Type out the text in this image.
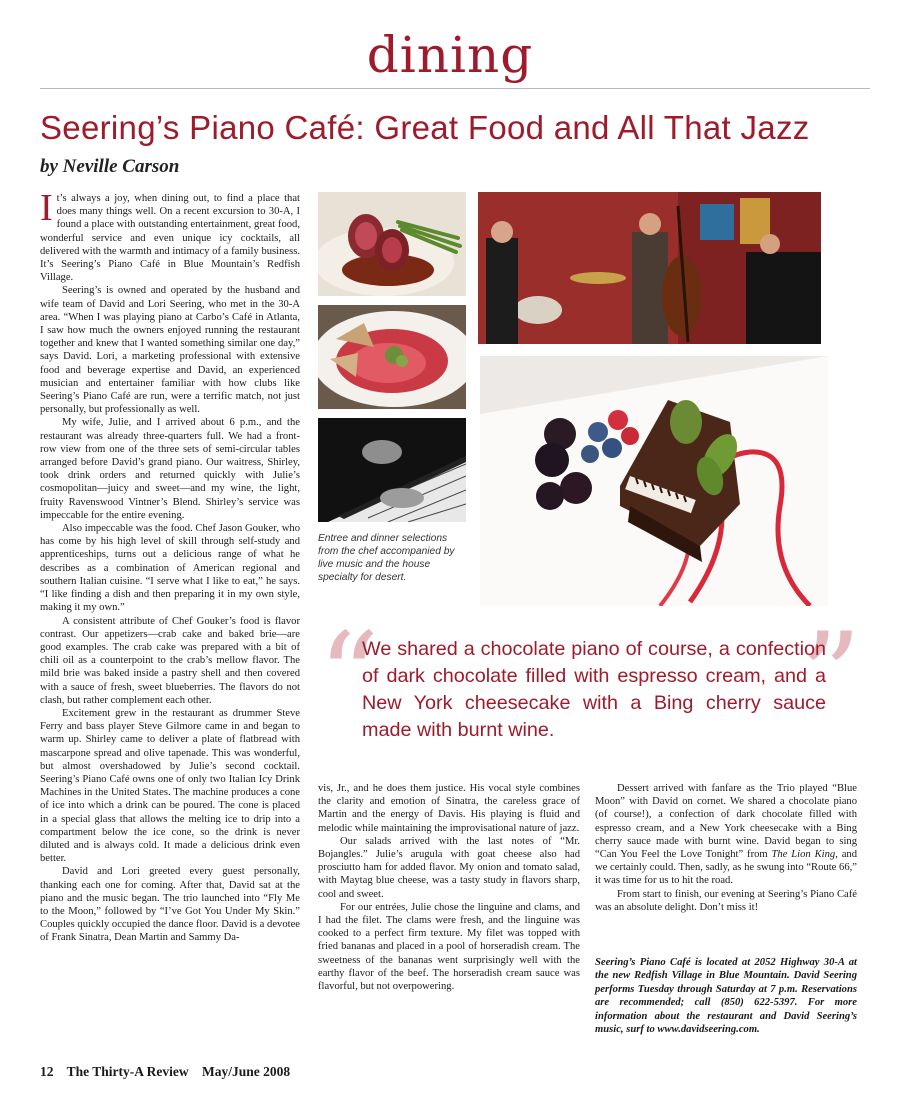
dining
Seering’s Piano Café: Great Food and All That Jazz
by Neville Carson

It’s always a joy, when dining out, to find a place that does many things well. On a recent excursion to 30-A, I found a place with outstanding entertainment, great food, wonderful service and even unique icy cocktails, all delivered with the warmth and intimacy of a family business. It’s Seering’s Piano Café in Blue Mountain’s Redfish Village.

Seering’s is owned and operated by the husband and wife team of David and Lori Seering, who met in the 30-A area. “When I was playing piano at Carbo’s Café in Atlanta, I saw how much the owners enjoyed running the restaurant together and knew that I wanted something similar one day,” says David. Lori, a marketing professional with extensive food and beverage expertise and David, an experienced musician and entertainer familiar with how clubs like Seering’s Piano Café are run, were a terrific match, not just personally, but professionally as well.

My wife, Julie, and I arrived about 6 p.m., and the restaurant was already three-quarters full. We had a front-row view from one of the three sets of semi-circular tables arranged before David’s grand piano. Our waitress, Shirley, took drink orders and returned quickly with Julie’s cosmopolitan—juicy and sweet—and my wine, the light, fruity Ravenswood Vintner’s Blend. Shirley’s service was impeccable for the entire evening.

Also impeccable was the food. Chef Jason Gouker, who has come by his high level of skill through self-study and apprenticeships, turns out a delicious range of what he describes as a combination of American regional and southern Italian cuisine. “I serve what I like to eat,” he says. “I like finding a dish and then preparing it in my own style, making it my own.”

A consistent attribute of Chef Gouker’s food is flavor contrast. Our appetizers—crab cake and baked brie—are good examples. The crab cake was prepared with a bit of chili oil as a counterpoint to the crab’s mellow flavor. The mild brie was baked inside a pastry shell and then covered with a sauce of fresh, sweet blueberries. The flavors do not clash, but rather complement each other.

Excitement grew in the restaurant as drummer Steve Ferry and bass player Steve Gilmore came in and began to warm up. Shirley came to deliver a plate of flatbread with mascarpone spread and olive tapenade. This was wonderful, but almost overshadowed by Julie’s second cocktail. Seering’s Piano Café owns one of only two Italian Icy Drink Machines in the United States. The machine produces a cone of ice into which a drink can be poured. The cone is placed in a special glass that allows the melting ice to drip into a compartment below the ice cone, so the drink is never diluted and is always cold. It made a delicious drink even better.

David and Lori greeted every guest personally, thanking each one for coming. After that, David sat at the piano and the music began. The trio launched into “Fly Me to the Moon,” followed by “I’ve Got You Under My Skin.” Couples quickly occupied the dance floor. David is a devotee of Frank Sinatra, Dean Martin and Sammy Da-

vis, Jr., and he does them justice. His vocal style combines the clarity and emotion of Sinatra, the careless grace of Martin and the energy of Davis. His playing is fluid and melodic while maintaining the improvisational nature of jazz.

Our salads arrived with the last notes of “Mr. Bojangles.” Julie’s arugula with goat cheese also had prosciutto ham for added flavor. My onion and tomato salad, with Maytag blue cheese, was a tasty study in flavors sharp, cool and sweet.

For our entrées, Julie chose the linguine and clams, and I had the filet. The clams were fresh, and the linguine was cooked to a perfect firm texture. My filet was topped with fried bananas and placed in a pool of horseradish cream. The sweetness of the bananas went surprisingly well with the earthy flavor of the beef. The horseradish cream sauce was flavorful, but not overpowering.

Dessert arrived with fanfare as the Trio played “Blue Moon” with David on cornet. We shared a chocolate piano (of course!), a confection of dark chocolate filled with espresso cream, and a New York cheesecake with a Bing cherry sauce made with burnt wine. David began to sing “Can You Feel the Love Tonight” from The Lion King, and we certainly could. Then, sadly, as he swung into “Route 66,” it was time for us to hit the road.

From start to finish, our evening at Seering’s Piano Café was an absolute delight. Don’t miss it!

Entree and dinner selections from the chef accompanied by live music and the house specialty for desert.
“	”
We shared a chocolate piano of course, a confection of dark chocolate filled with espresso cream, and a New York cheesecake with a Bing cherry sauce made with burnt wine.
Seering’s Piano Café is located at 2052 Highway 30-A at the new Redfish Village in Blue Mountain. David Seering performs Tuesday through Saturday at 7 p.m. Reservations are recommended; call (850) 622-5397. For more information about the restaurant and David Seering’s music, surf to www.davidseering.com.
12 The Thirty-A Review May/June 2008
